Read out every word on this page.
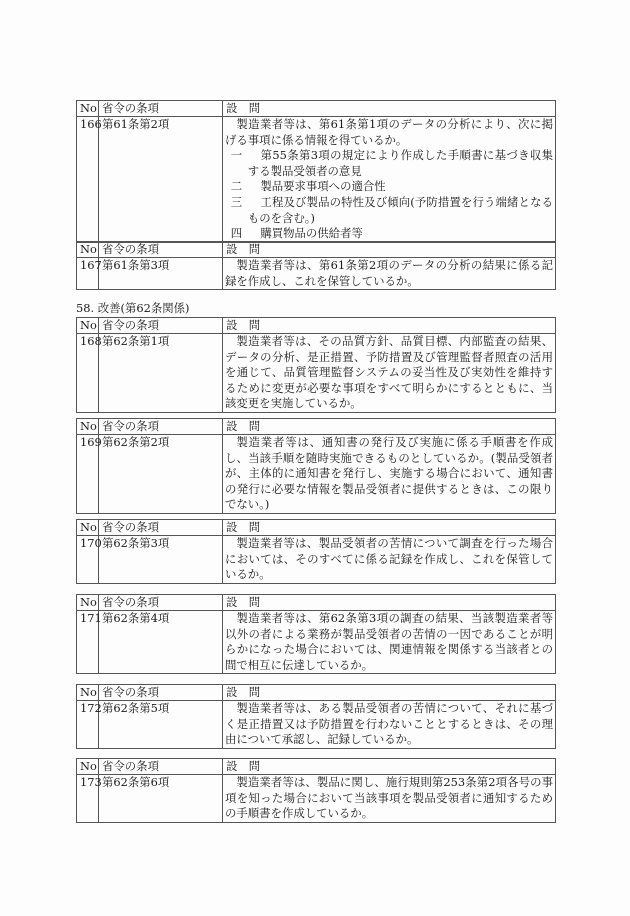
No	省令の条項	設　問
166	第61条第2項	製造業者等は、第61条第1項のデータの分析により、次に掲げる事項に係る情報を得ているか。

一 第55条第3項の規定により作成した手順書に基づき収集する製品受領者の意見

二 製品要求事項への適合性

三 工程及び製品の特性及び傾向(予防措置を行う端緒となるものを含む。)

四 購買物品の供給者等

No	省令の条項	設　問
167	第61条第3項	製造業者等は、第61条第2項のデータの分析の結果に係る記録を作成し、これを保管しているか。

58. 改善(第62条関係)
No	省令の条項	設　問
168	第62条第1項	製造業者等は、その品質方針、品質目標、内部監査の結果、データの分析、是正措置、予防措置及び管理監督者照査の活用を通じて、品質管理監督システムの妥当性及び実効性を維持するために変更が必要な事項をすべて明らかにするとともに、当該変更を実施しているか。

No	省令の条項	設　問
169	第62条第2項	製造業者等は、通知書の発行及び実施に係る手順書を作成し、当該手順を随時実施できるものとしているか。(製品受領者が、主体的に通知書を発行し、実施する場合において、通知書の発行に必要な情報を製品受領者に提供するときは、この限りでない。)

No	省令の条項	設　問
170	第62条第3項	製造業者等は、製品受領者の苦情について調査を行った場合においては、そのすべてに係る記録を作成し、これを保管しているか。

No	省令の条項	設　問
171	第62条第4項	製造業者等は、第62条第3項の調査の結果、当該製造業者等以外の者による業務が製品受領者の苦情の一因であることが明らかになった場合においては、関連情報を関係する当該者との間で相互に伝達しているか。

No	省令の条項	設　問
172	第62条第5項	製造業者等は、ある製品受領者の苦情について、それに基づく是正措置又は予防措置を行わないこととするときは、その理由について承認し、記録しているか。

No	省令の条項	設　問
173	第62条第6項	製造業者等は、製品に関し、施行規則第253条第2項各号の事項を知った場合において当該事項を製品受領者に通知するための手順書を作成しているか。
